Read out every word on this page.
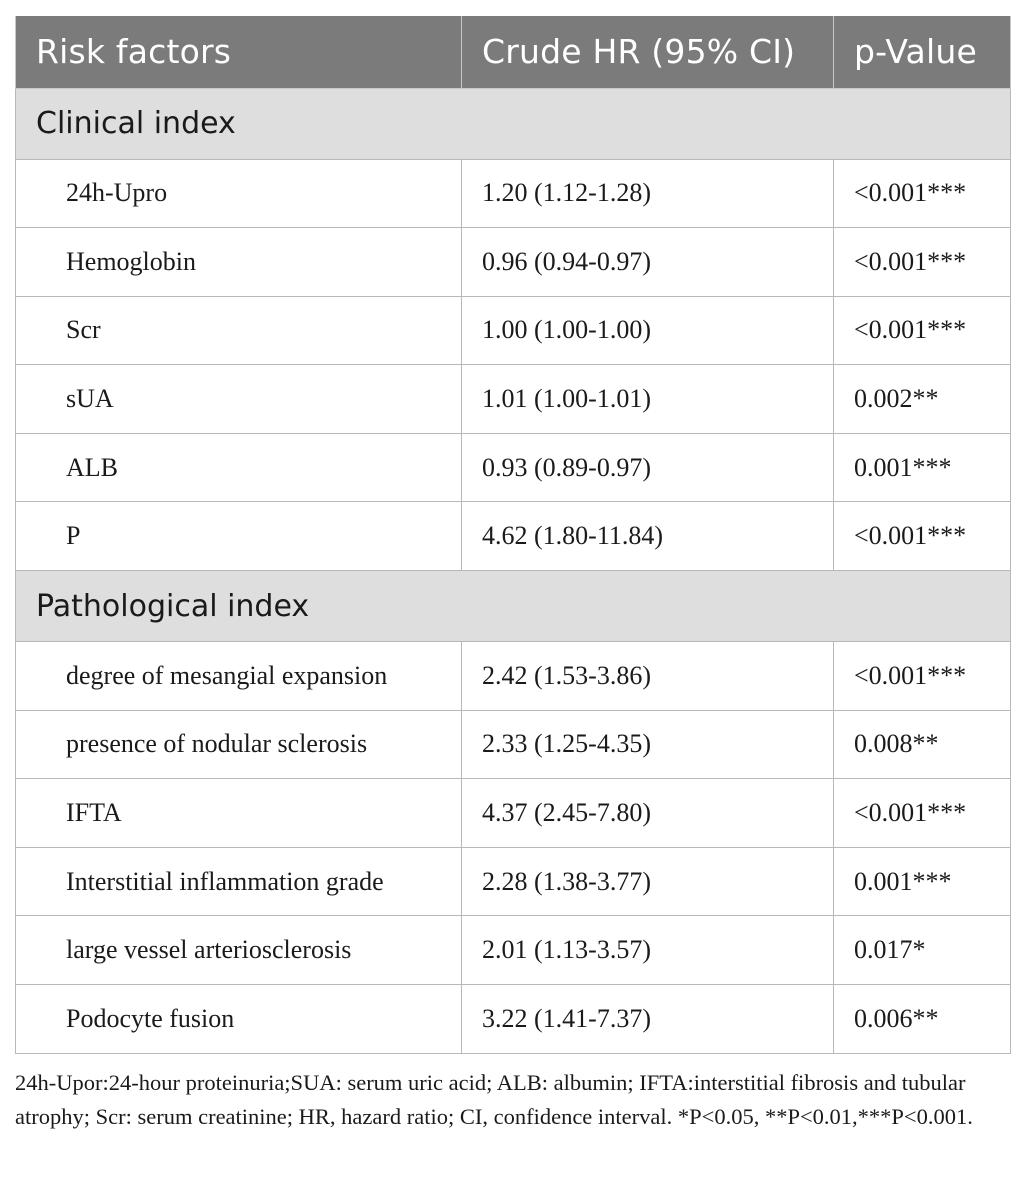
Risk factors	Crude HR (95% CI)	p-Value
Clinical index		
24h-Upro	1.20 (1.12-1.28)	<0.001***
Hemoglobin	0.96 (0.94-0.97)	<0.001***
Scr	1.00 (1.00-1.00)	<0.001***
sUA	1.01 (1.00-1.01)	0.002**
ALB	0.93 (0.89-0.97)	0.001***
P	4.62 (1.80-11.84)	<0.001***
Pathological index		
degree of mesangial expansion	2.42 (1.53-3.86)	<0.001***
presence of nodular sclerosis	2.33 (1.25-4.35)	0.008**
IFTA	4.37 (2.45-7.80)	<0.001***
Interstitial inflammation grade	2.28 (1.38-3.77)	0.001***
large vessel arteriosclerosis	2.01 (1.13-3.57)	0.017*
Podocyte fusion	3.22 (1.41-7.37)	0.006**
24h-Upor:24-hour proteinuria;SUA: serum uric acid; ALB: albumin; IFTA:interstitial fibrosis and tubular atrophy; Scr: serum creatinine; HR, hazard ratio; CI, confidence interval. *P<0.05, **P<0.01,***P<0.001.
